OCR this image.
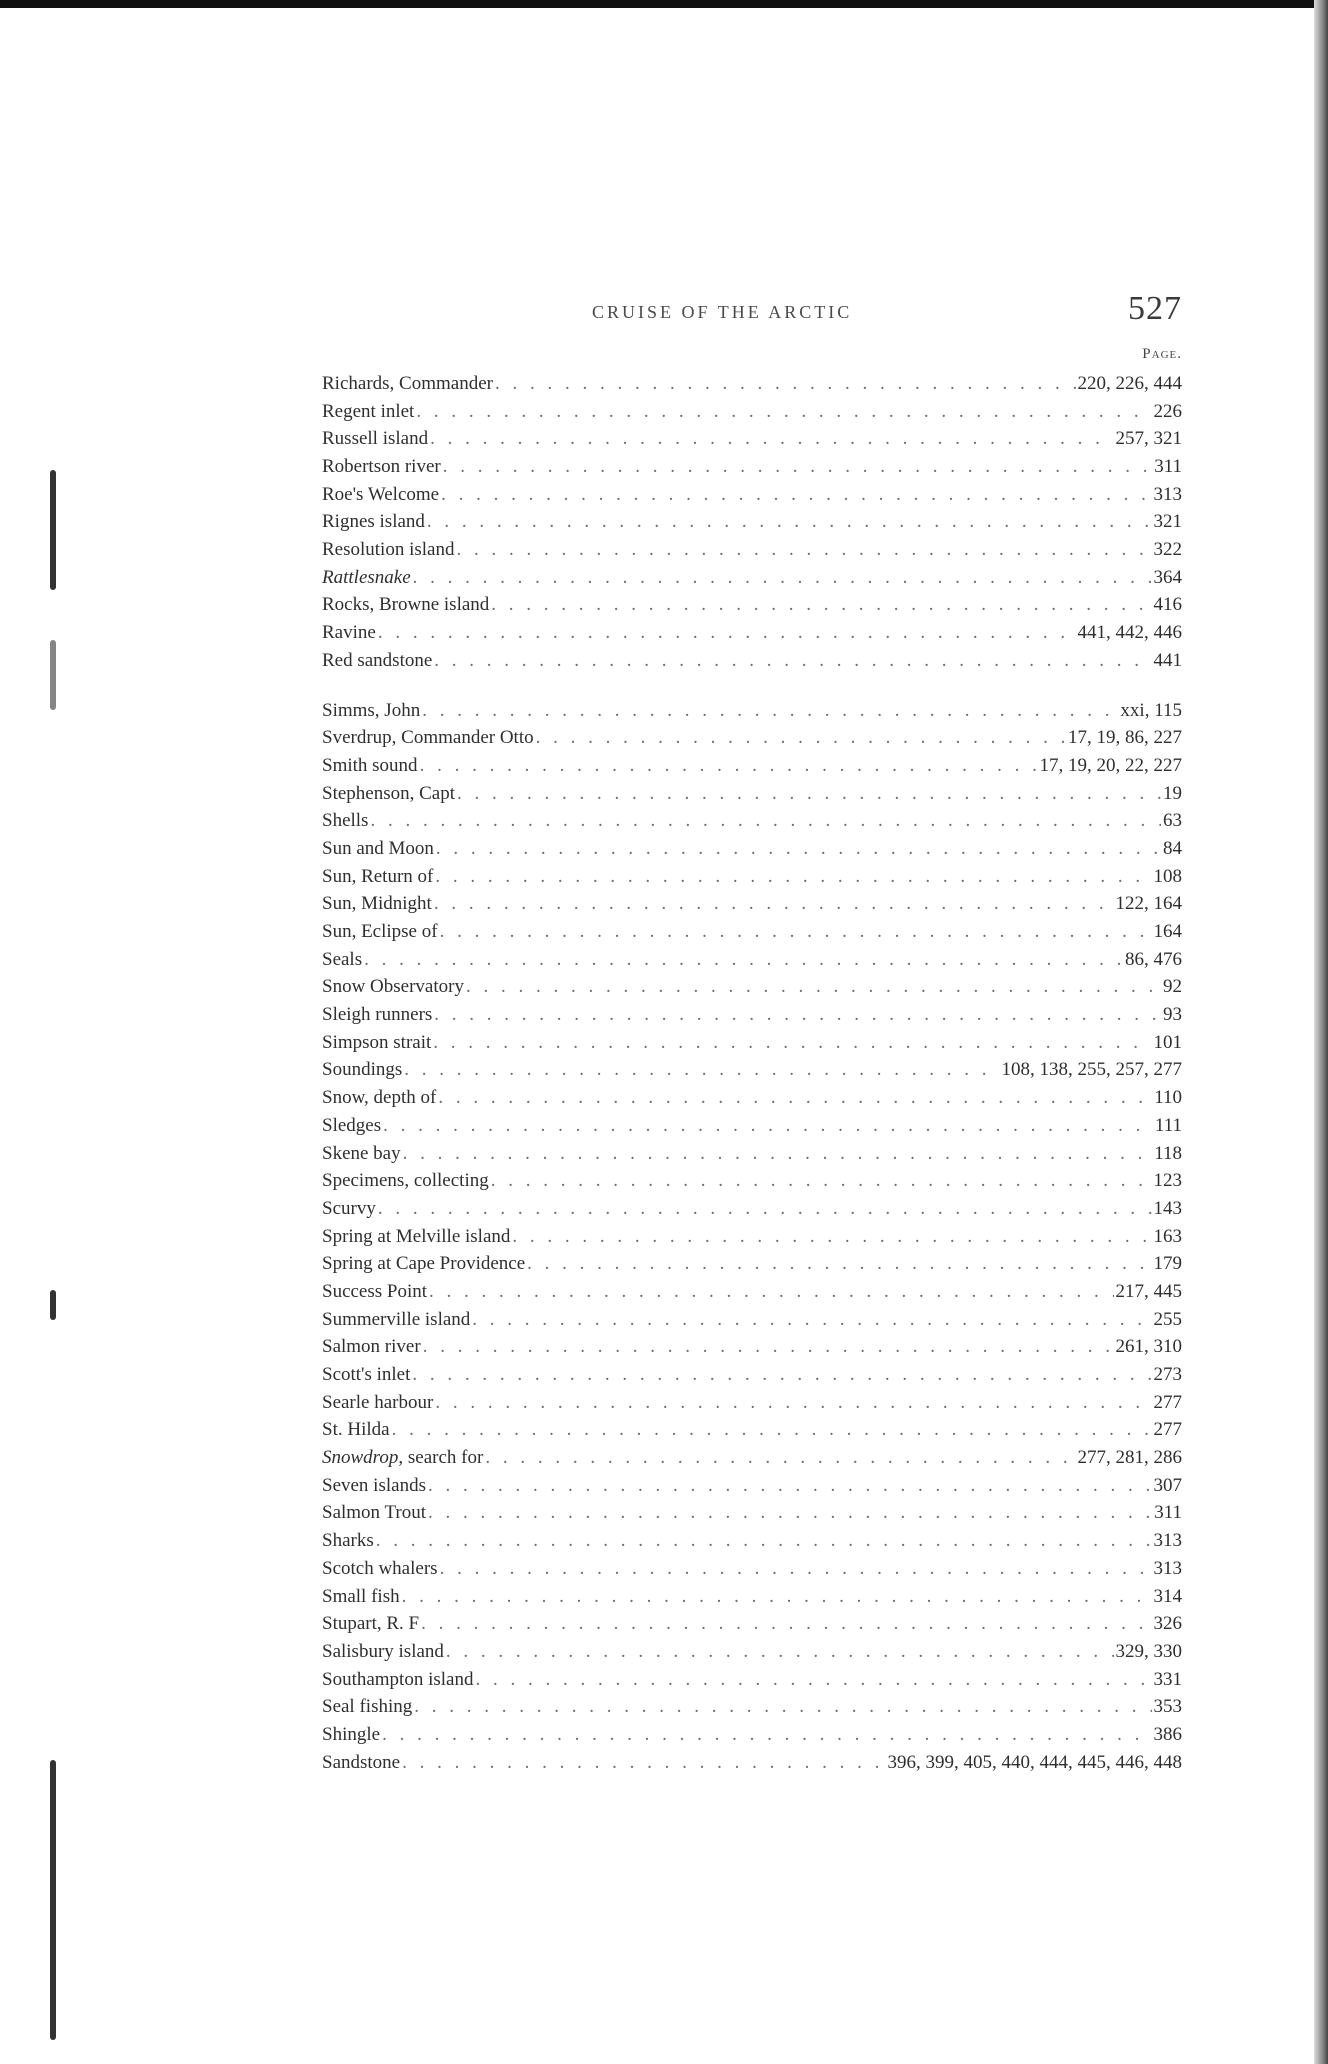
CRUISE OF THE ARCTIC	527
Page.
Richards, Commander . . .	220, 226, 444
Regent inlet . . .	226
Russell island . . .	257, 321
Robertson river . . .	311
Roe's Welcome . . .	313
Rignes island . . .	321
Resolution island . . .	322
Rattlesnake . . .	364
Rocks, Browne island . . .	416
Ravine . . .	441, 442, 446
Red sandstone . . .	441
Simms, John . . .	xxi, 115
Sverdrup, Commander Otto . . .	17, 19, 86, 227
Smith sound . . .	17, 19, 20, 22, 227
Stephenson, Capt . . .	19
Shells . . .	63
Sun and Moon . . .	84
Sun, Return of . . .	108
Sun, Midnight . . .	122, 164
Sun, Eclipse of . . .	164
Seals . . .	86, 476
Snow Observatory . . .	92
Sleigh runners . . .	93
Simpson strait . . .	101
Soundings . . .	108, 138, 255, 257, 277
Snow, depth of . . .	110
Sledges . . .	111
Skene bay . . .	118
Specimens, collecting . . .	123
Scurvy . . .	143
Spring at Melville island . . .	163
Spring at Cape Providence . . .	179
Success Point . . .	217, 445
Summerville island . . .	255
Salmon river . . .	261, 310
Scott's inlet . . .	273
Searle harbour . . .	277
St. Hilda . . .	277
Snowdrop, search for . . .	277, 281, 286
Seven islands . . .	307
Salmon Trout . . .	311
Sharks . . .	313
Scotch whalers . . .	313
Small fish . . .	314
Stupart, R. F . . .	326
Salisbury island . . .	329, 330
Southampton island . . .	331
Seal fishing . . .	353
Shingle . . .	386
Sandstone . . .	396, 399, 405, 440, 444, 445, 446, 448
